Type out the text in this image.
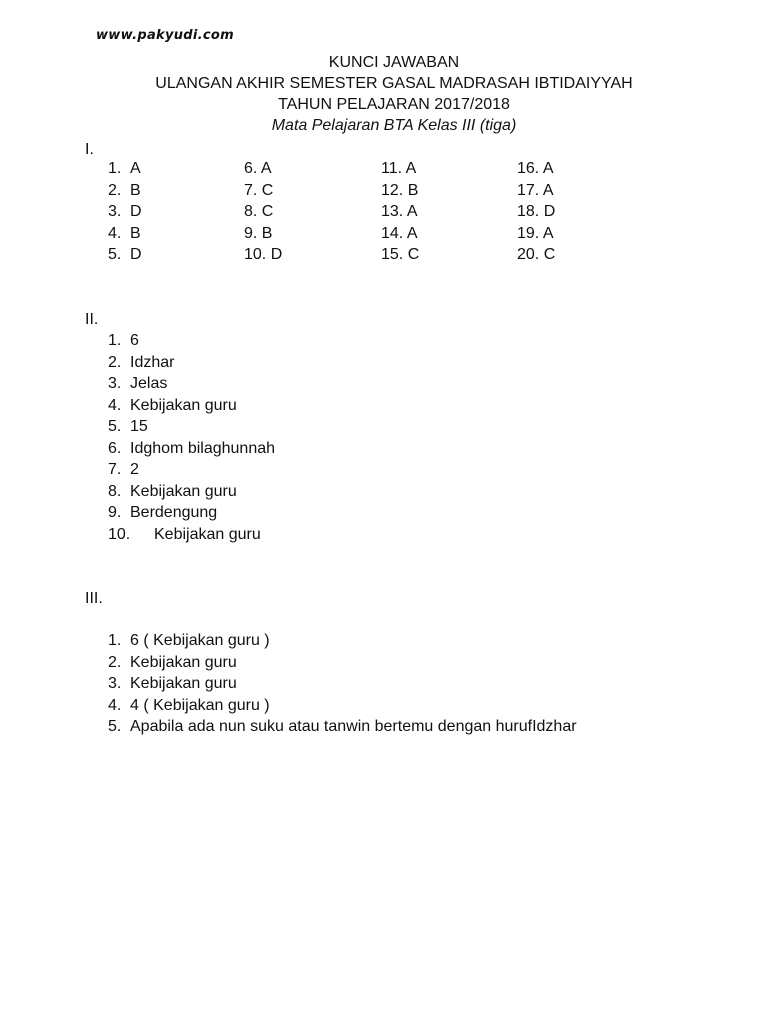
www.pakyudi.com

KUNCI JAWABAN

ULANGAN AKHIR SEMESTER GASAL MADRASAH IBTIDAIYYAH

TAHUN PELAJARAN 2017/2018

Mata Pelajaran BTA Kelas III (tiga)

I.
1. A
2. B
3. D
4. B
5. D
6. A
7. C
8. C
9. B
10. D
11. A
12. B
13. A
14. A
15. C
16. A
17. A
18. D
19. A
20. C
II.
1. 6
2. Idzhar
3. Jelas
4. Kebijakan guru
5. 15
6. Idghom bilaghunnah
7. 2
8. Kebijakan guru
9. Berdengung
10. Kebijakan guru
III.
1. 6 ( Kebijakan guru )
2. Kebijakan guru
3. Kebijakan guru
4. 4 ( Kebijakan guru )
5. Apabila ada nun suku atau tanwin bertemu dengan hurufIdzhar
